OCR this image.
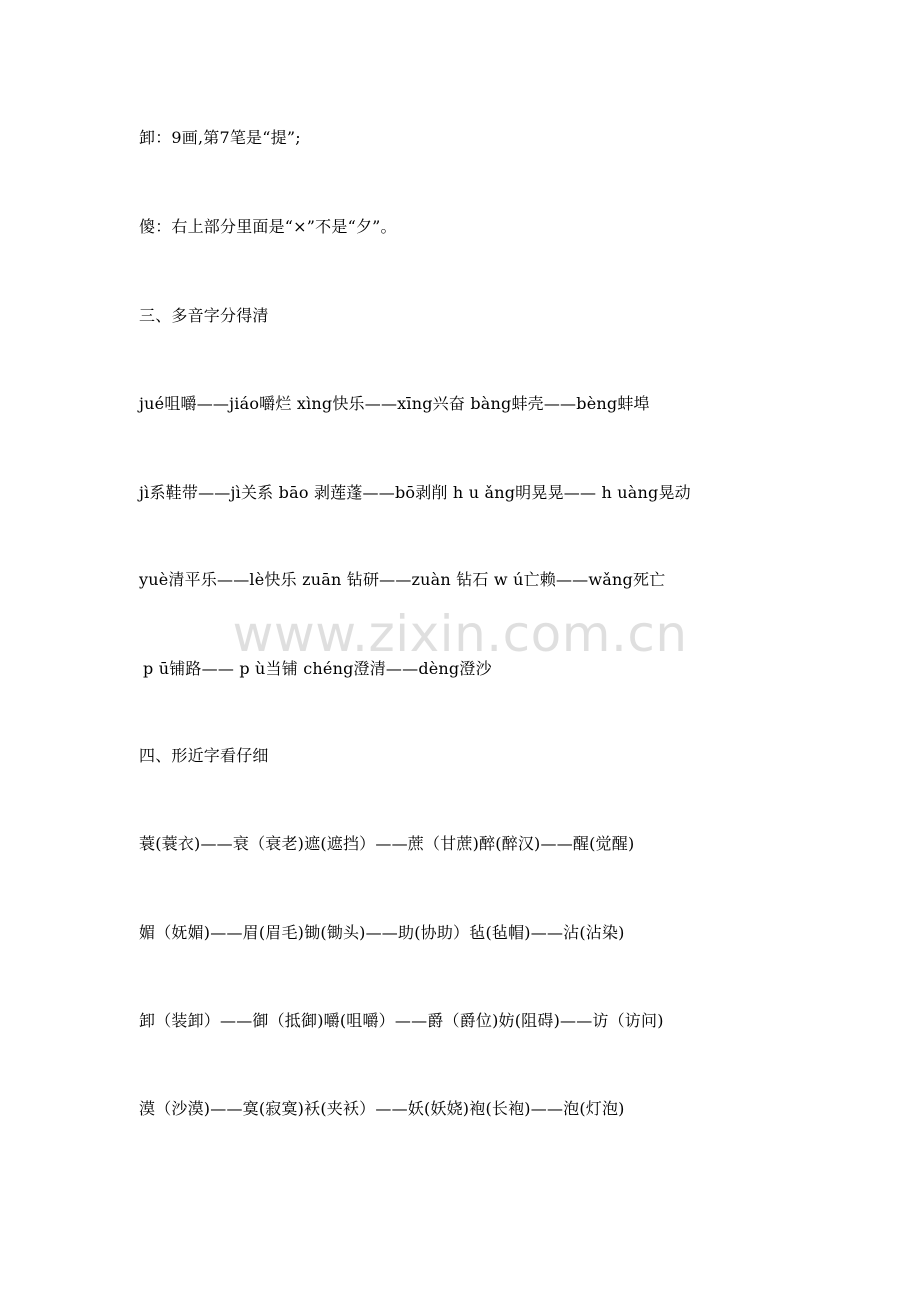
卸：9画,第7笔是“提”;
傻：右上部分里面是“×”不是“夕”。
三、多音字分得清
jué咀嚼——jiáo嚼烂 xìng快乐——xīng兴奋 bàng蚌壳——bèng蚌埠
jì系鞋带——jì关系 bāo 剥莲蓬——bō剥削 h u ǎng明晃晃—— h uàng晃动
yuè清平乐——lè快乐 zuān 钻研——zuàn 钻石 w ú亡赖——wǎng死亡
p ū铺路—— p ù当铺 chéng澄清——dèng澄沙
四、形近字看仔细
蓑(蓑衣)——衰（衰老)遮(遮挡）——蔗（甘蔗)醉(醉汉)——醒(觉醒)
媚（妩媚)——眉(眉毛)锄(锄头)——助(协助）毡(毡帽)——沾(沾染)
卸（装卸）——御（抵御)嚼(咀嚼）——爵（爵位)妨(阻碍)——访（访问)
漠（沙漠)——寞(寂寞)袄(夹袄）——妖(妖娆)袍(长袍)——泡(灯泡)
www.zixin.com.cn
